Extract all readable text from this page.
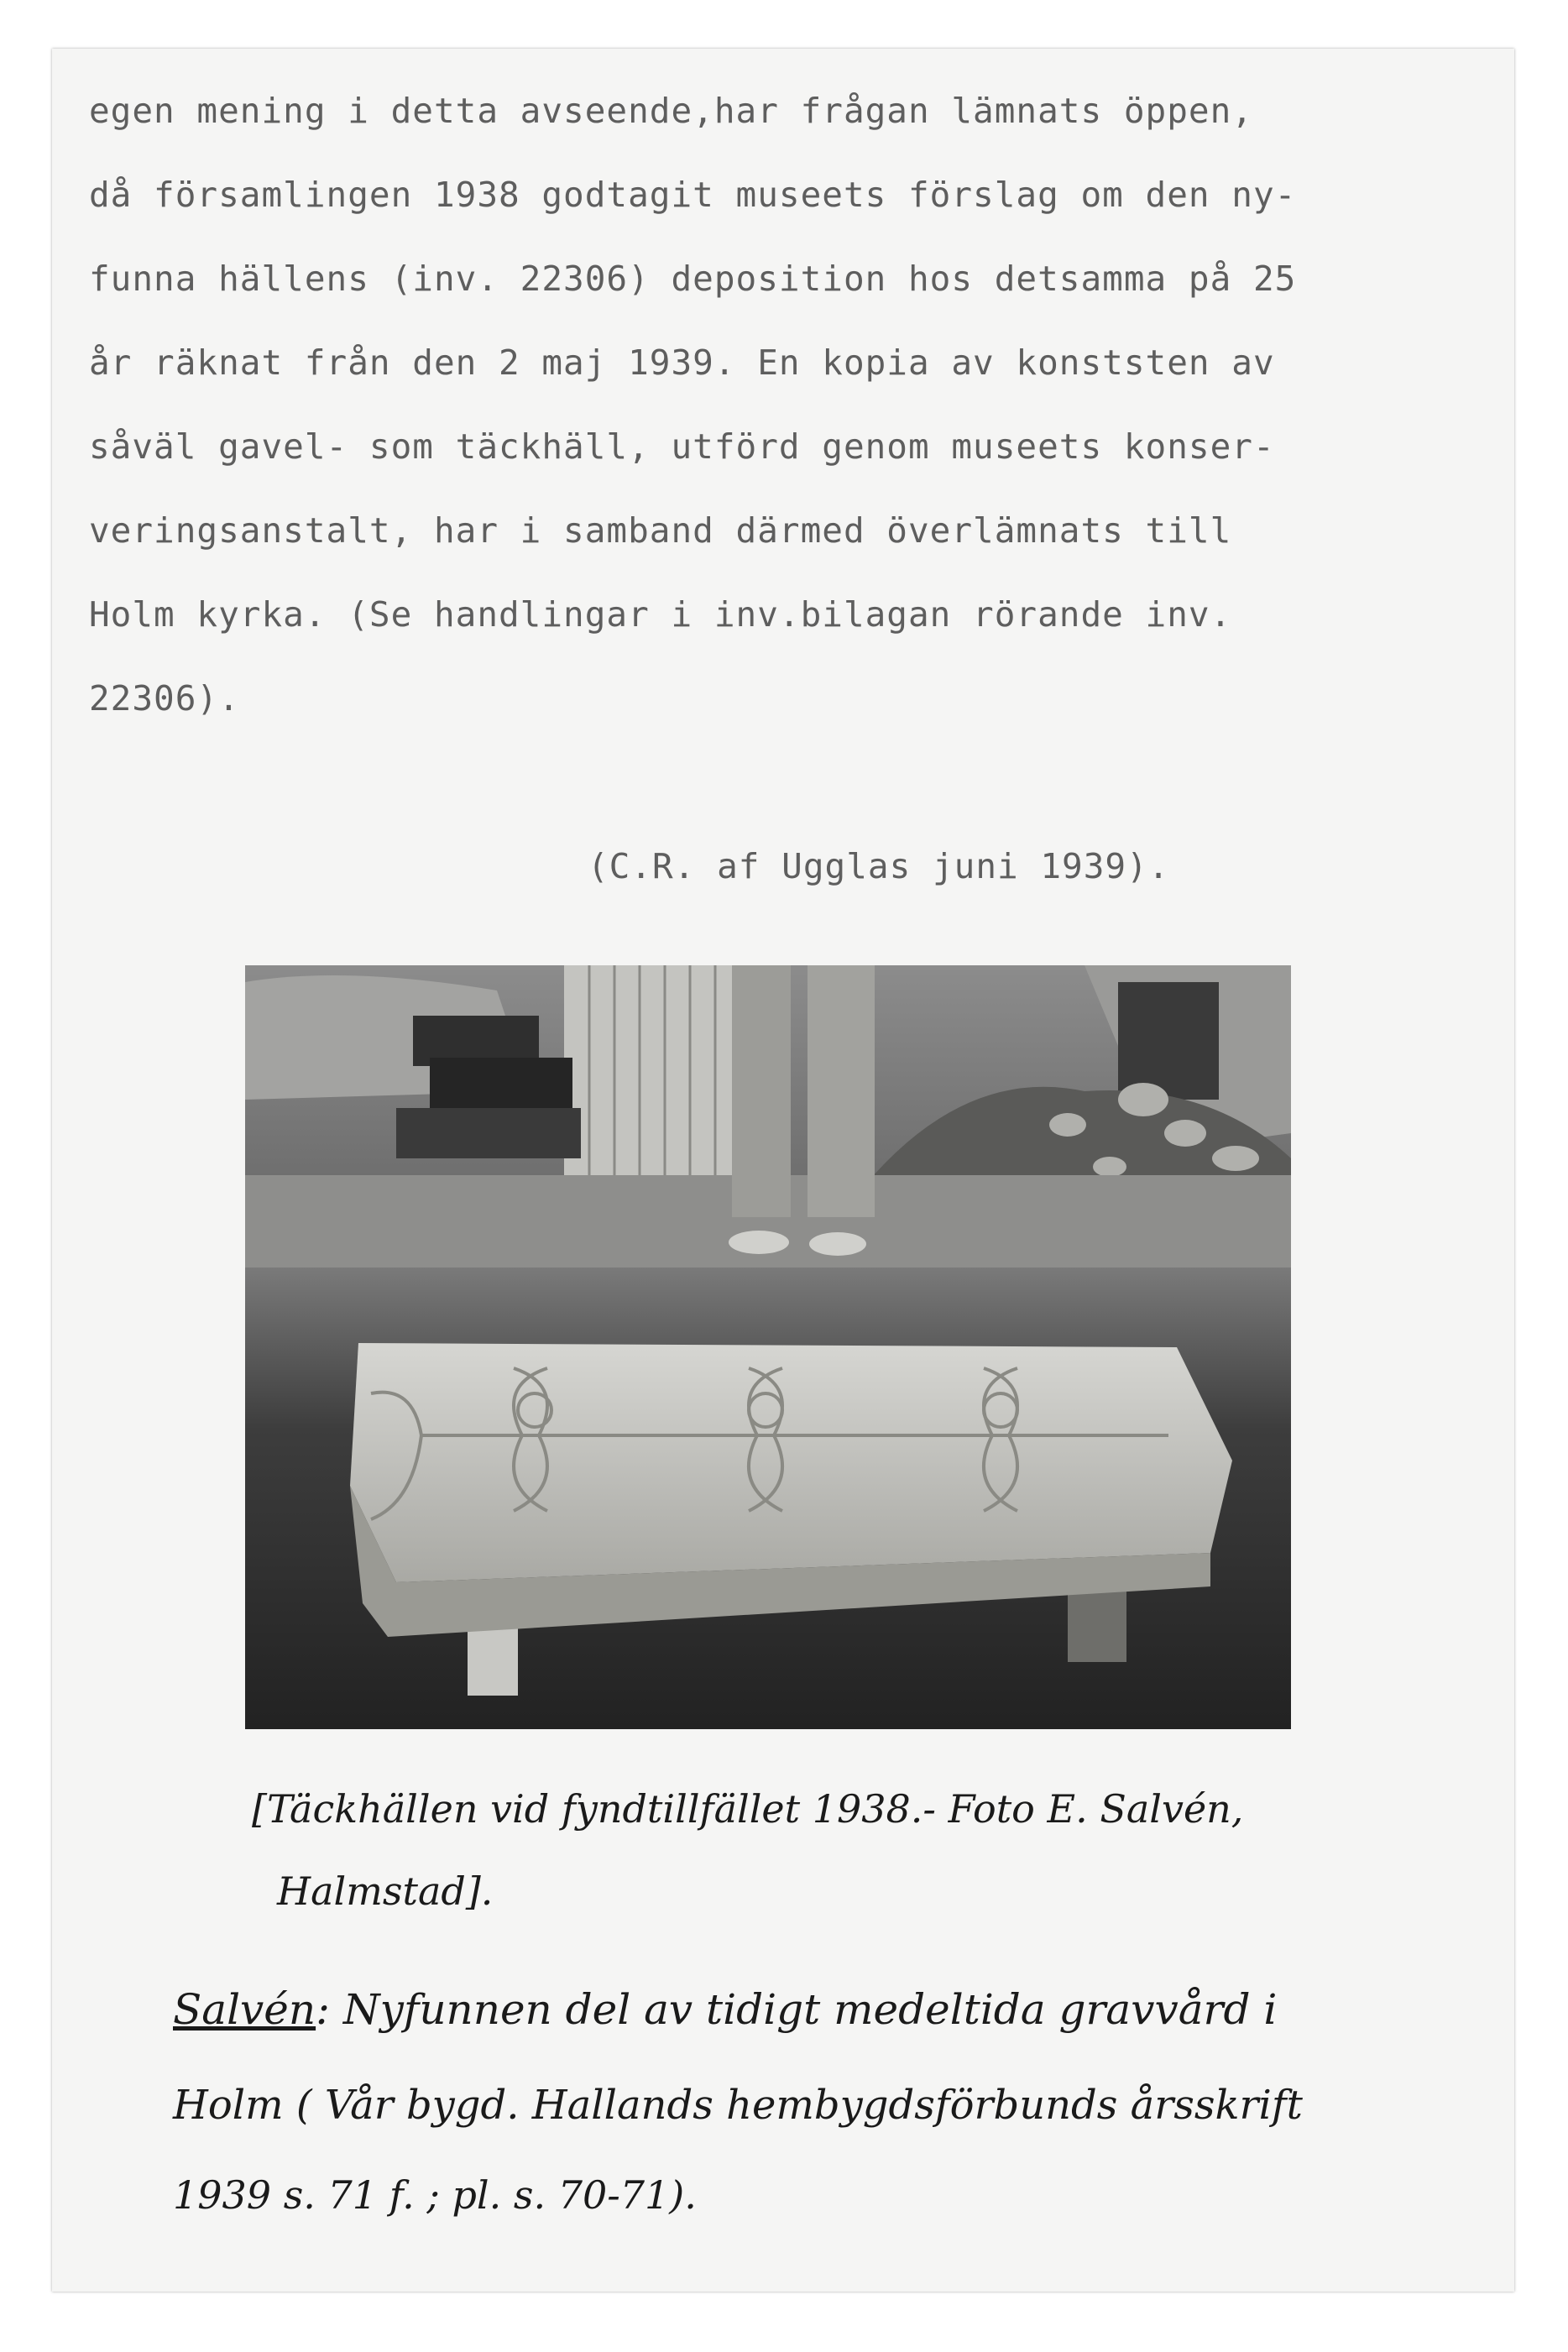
egen mening i detta avseende,har frågan lämnats öppen,
då församlingen 1938 godtagit museets förslag om den ny-
funna hällens (inv. 22306) deposition hos detsamma på 25
år räknat från den 2 maj 1939. En kopia av konststen av
såväl gavel- som täckhäll, utförd genom museets konser-
veringsanstalt, har i samband därmed överlämnats till
Holm kyrka. (Se handlingar i inv.bilagan rörande inv.
22306).
(C.R. af Ugglas juni 1939).
[Täckhällen vid fyndtillfället 1938.- Foto E. Salvén,
Halmstad].
Salvén: Nyfunnen del av tidigt medeltida gravvård i
Holm ( Vår bygd. Hallands hembygdsförbunds årsskrift
1939 s. 71 f. ; pl. s. 70-71).
